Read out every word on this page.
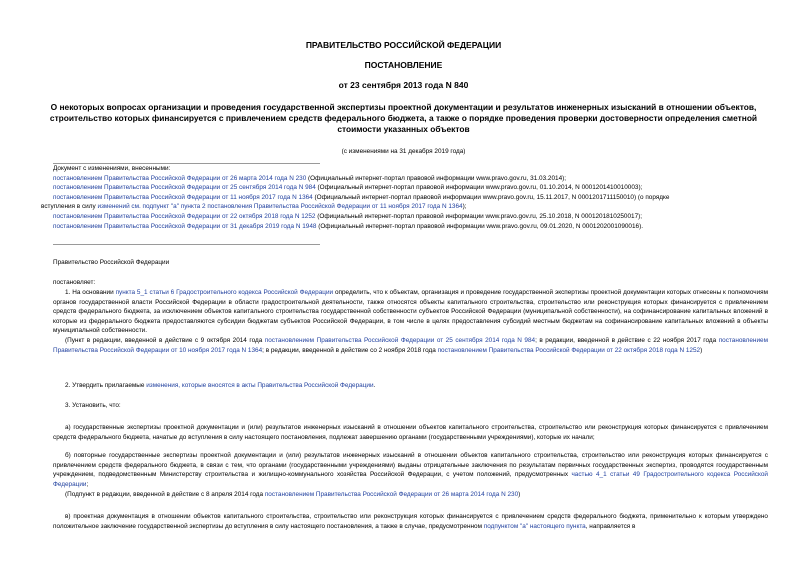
ПРАВИТЕЛЬСТВО РОССИЙСКОЙ ФЕДЕРАЦИИ
ПОСТАНОВЛЕНИЕ
от 23 сентября 2013 года N 840
О некоторых вопросах организации и проведения государственной экспертизы проектной документации и результатов инженерных изысканий в отношении объектов, строительство которых финансируется с привлечением средств федерального бюджета, а также о порядке проведения проверки достоверности определения сметной стоимости указанных объектов
(с изменениями на 31 декабря 2019 года)
Документ с изменениями, внесенными:
постановлением Правительства Российской Федерации от 26 марта 2014 года N 230 (Официальный интернет-портал правовой информации www.pravo.gov.ru, 31.03.2014);
постановлением Правительства Российской Федерации от 25 сентября 2014 года N 984 (Официальный интернет-портал правовой информации www.pravo.gov.ru, 01.10.2014, N 0001201410010003);
постановлением Правительства Российской Федерации от 11 ноября 2017 года N 1364 (Официальный интернет-портал правовой информации www.pravo.gov.ru, 15.11.2017, N 0001201711150010) (о порядке
вступления в силу изменений см. подпункт "а" пункта 2 постановления Правительства Российской Федерации от 11 ноября 2017 года N 1364);
постановлением Правительства Российской Федерации от 22 октября 2018 года N 1252 (Официальный интернет-портал правовой информации www.pravo.gov.ru, 25.10.2018, N 0001201810250017);
постановлением Правительства Российской Федерации от 31 декабря 2019 года N 1948 (Официальный интернет-портал правовой информации www.pravo.gov.ru, 09.01.2020, N 0001202001090016).
Правительство Российской Федерации
постановляет:
1. На основании пункта 5_1 статьи 6 Градостроительного кодекса Российской Федерации определить, что к объектам, организация и проведение государственной экспертизы проектной документации которых отнесены к полномочиям органов государственной власти Российской Федерации в области градостроительной деятельности, также относятся объекты капитального строительства, строительство или реконструкция которых финансируется с привлечением средств федерального бюджета, за исключением объектов капитального строительства государственной собственности субъектов Российской Федерации (муниципальной собственности), на софинансирование капитальных вложений в которые из федерального бюджета предоставляются субсидии бюджетам субъектов Российской Федерации, в том числе в целях предоставления субсидий местным бюджетам на софинансирование капитальных вложений в объекты муниципальной собственности.
(Пункт в редакции, введенной в действие с 9 октября 2014 года постановлением Правительства Российской Федерации от 25 сентября 2014 года N 984; в редакции, введенной в действие с 22 ноября 2017 года постановлением Правительства Российской Федерации от 10 ноября 2017 года N 1364; в редакции, введенной в действие со 2 ноября 2018 года постановлением Правительства Российской Федерации от 22 октября 2018 года N 1252)
2. Утвердить прилагаемые изменения, которые вносятся в акты Правительства Российской Федерации.
3. Установить, что:
а) государственные экспертизы проектной документации и (или) результатов инженерных изысканий в отношении объектов капитального строительства, строительство или реконструкция которых финансируется с привлечением средств федерального бюджета, начатые до вступления в силу настоящего постановления, подлежат завершению органами (государственными учреждениями), которые их начали;
б) повторные государственные экспертизы проектной документации и (или) результатов инженерных изысканий в отношении объектов капитального строительства, строительство или реконструкция которых финансируется с привлечением средств федерального бюджета, в связи с тем, что органами (государственными учреждениями) выданы отрицательные заключения по результатам первичных государственных экспертиз, проводятся государственным учреждением, подведомственным Министерству строительства и жилищно-коммунального хозяйства Российской Федерации, с учетом положений, предусмотренных частью 4_1 статьи 49 Градостроительного кодекса Российской Федерации;
(Подпункт в редакции, введенной в действие с 8 апреля 2014 года постановлением Правительства Российской Федерации от 26 марта 2014 года N 230)
в) проектная документация в отношении объектов капитального строительства, строительство или реконструкция которых финансируется с привлечением средств федерального бюджета, применительно к которым утверждено положительное заключение государственной экспертизы до вступления в силу настоящего постановления, а также в случае, предусмотренном подпунктом "а" настоящего пункта, направляется в
